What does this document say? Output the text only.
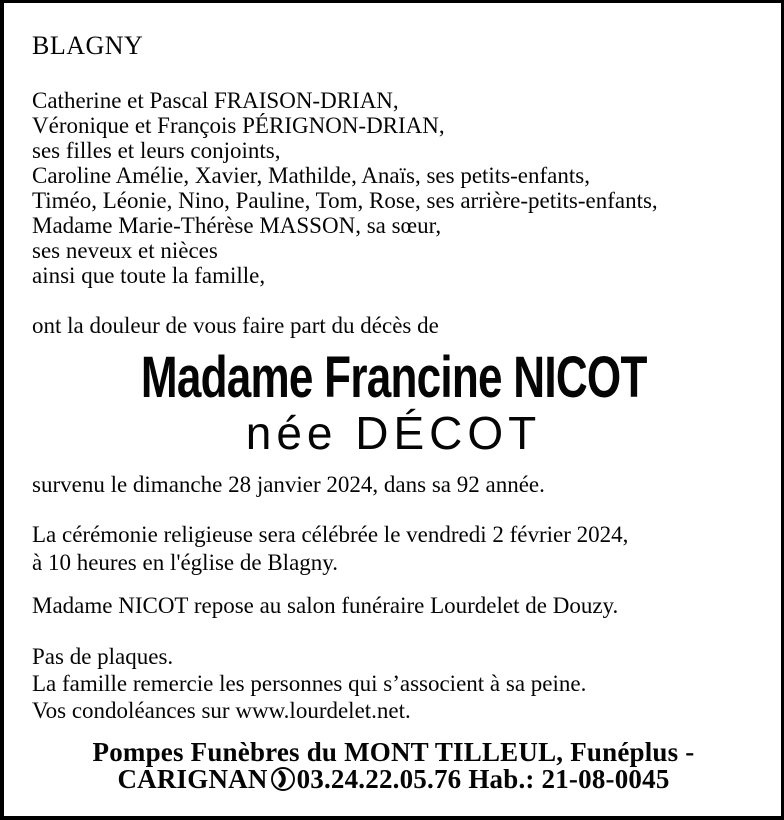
BLAGNY
Catherine et Pascal FRAISON-DRIAN,
Véronique et François PÉRIGNON-DRIAN,
ses filles et leurs conjoints,
Caroline Amélie, Xavier, Mathilde, Anaïs, ses petits-enfants,
Timéo, Léonie, Nino, Pauline, Tom, Rose, ses arrière-petits-enfants,
Madame Marie-Thérèse MASSON, sa sœur,
ses neveux et nièces
ainsi que toute la famille,
ont la douleur de vous faire part du décès de
Madame Francine NICOT
née DÉCOT
survenu le dimanche 28 janvier 2024, dans sa 92 année.
La cérémonie religieuse sera célébrée le vendredi 2 février 2024,
à 10 heures en l'église de Blagny.
Madame NICOT repose au salon funéraire Lourdelet de Douzy.
Pas de plaques.
La famille remercie les personnes qui s’associent à sa peine.
Vos condoléances sur www.lourdelet.net.
Pompes Funèbres du MONT TILLEUL, Funéplus -
CARIGNAN 03.24.22.05.76 Hab.: 21-08-0045
